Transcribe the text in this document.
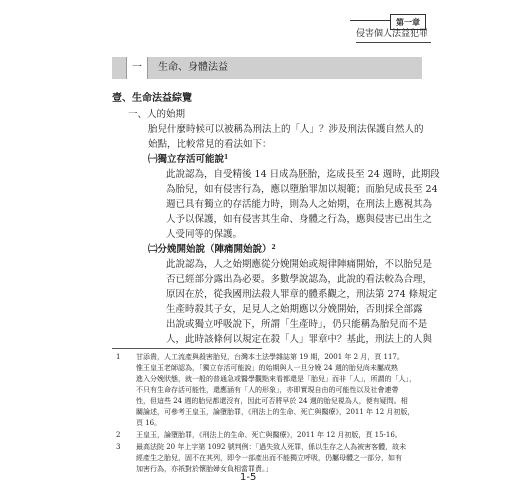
第一章
侵害個人法益犯罪
一	生命、身體法益
壹、生命法益綜覽
一、人的始期
胎兒什麼時候可以被稱為刑法上的「人」？涉及刑法保護自然人的
始點，比較常見的看法如下：
㈠獨立存活可能說$^1$
此說認為，自受精後 14 日成為胚胎，迄成長至 24 週時，此期段
為胎兒，如有侵害行為，應以墮胎罪加以規範；而胎兒成長至 24
週已具有獨立的存活能力時，則為人之始期，在刑法上應視其為
人予以保護，如有侵害其生命、身體之行為，應與侵害已出生之
人受同等的保護。
㈡分娩開始說（陣痛開始說）$^2$
此說認為，人之始期應從分娩開始或規律陣痛開始，不以胎兒是
否已經部分露出為必要。多數學說認為，此說的看法較為合理，
原因在於，從我國刑法殺人罪章的體系觀之，刑法第 274 條規定
生產時殺其子女，足見人之始期應以分娩開始，否則採全部露
出說或獨立呼吸說下，所謂「生產時」，仍只能稱為胎兒而不是
人，此時該條何以規定在殺「人」罪章中？基此，刑法上的人與
1 甘添貴，人工流產與殺害胎兒，台灣本土法學雜誌第 19 期，2001 年 2 月，頁 117。
惟王皇玉老師認為，「獨立存活可能說」的始期與人一旦分娩 24 週的胎兒尚未屬成熟
進入分娩狀態，就一般的普通急或醫學觀點來看都還是「胎兒」而非「人」，所謂的「人」，
不只有生命存活可能性，還應涵有「人的形象」，亦即實現自由的可能性以及社會連帶
性，但這些 24 週的胎兒都還沒有，因此可否將早於 24 週的胎兒視為人，便有疑問。相
關論述，可參考王皇玉，論墮胎罪，《刑法上的生命、死亡與醫療》，2011 年 12 月初版，
頁 16。
2 王皇玉，論墮胎罪，《刑法上的生命、死亡與醫療》，2011 年 12 月初版，頁 15-16。
3 最高法院 20 年上字第 1092 號判例：「過失致人死罪，係以生存之人為被害客體，故未
經產生之胎兒，固不在其列，即令一部產出而不能獨立呼吸，仍屬母體之一部分，如有
加害行為，亦祇對於懷胎婦女負相當罪責。」
1-5
